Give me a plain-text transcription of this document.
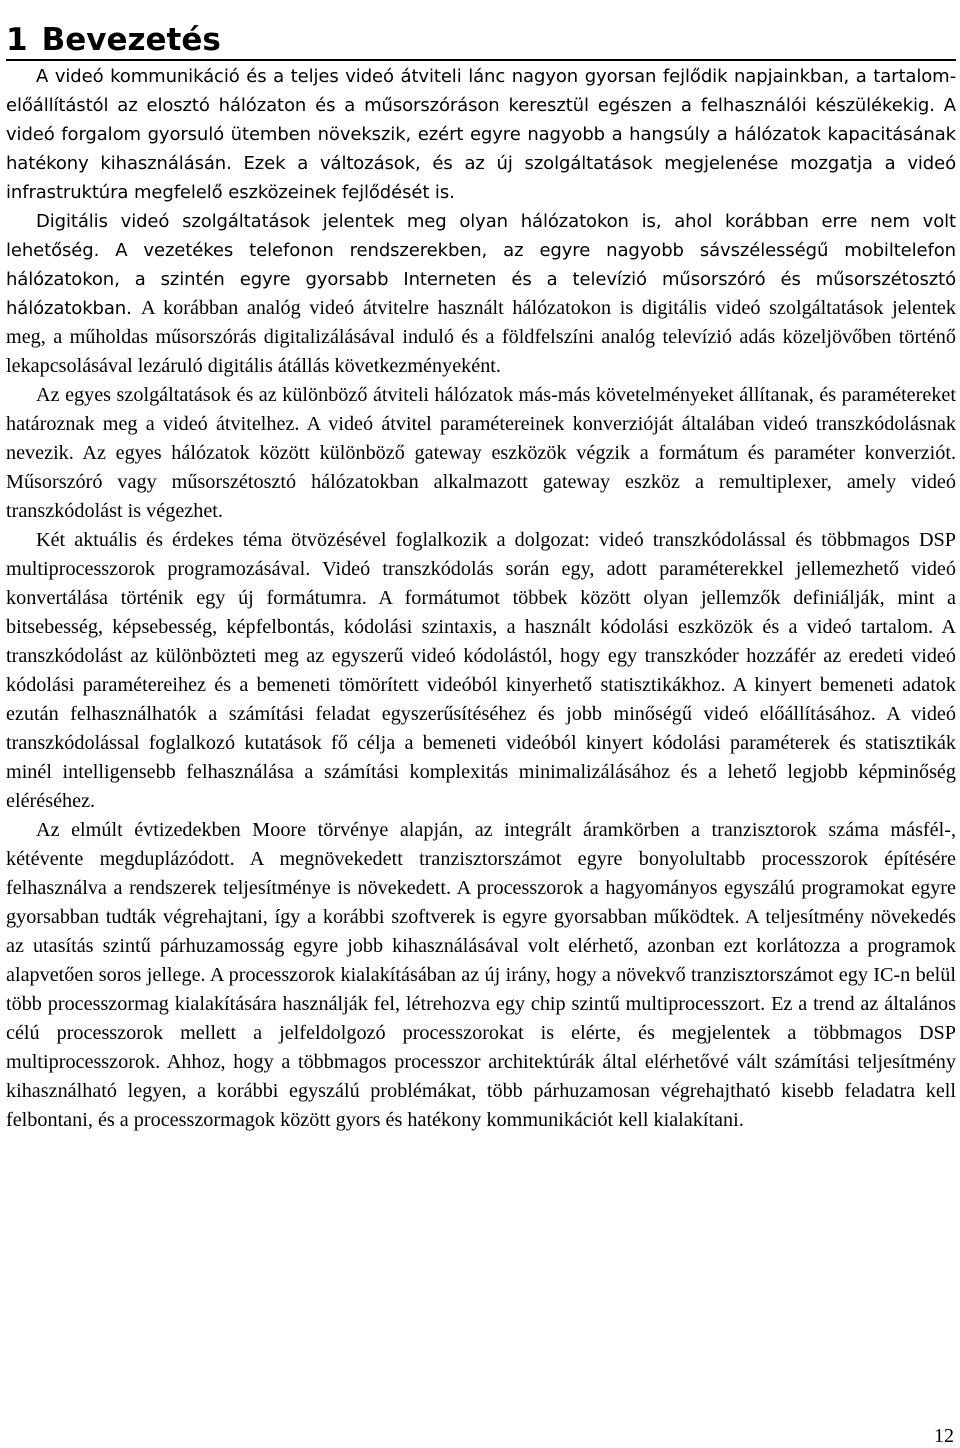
1 Bevezetés

A videó kommunikáció és a teljes videó átviteli lánc nagyon gyorsan fejlődik napjainkban, a tartalom-előállítástól az elosztó hálózaton és a műsorszóráson keresztül egészen a felhasználói készülékekig. A videó forgalom gyorsuló ütemben növekszik, ezért egyre nagyobb a hangsúly a hálózatok kapacitásának hatékony kihasználásán. Ezek a változások, és az új szolgáltatások megjelenése mozgatja a videó infrastruktúra megfelelő eszközeinek fejlődését is.

Digitális videó szolgáltatások jelentek meg olyan hálózatokon is, ahol korábban erre nem volt lehetőség. A vezetékes telefonon rendszerekben, az egyre nagyobb sávszélességű mobiltelefon hálózatokon, a szintén egyre gyorsabb Interneten és a televízió műsorszóró és műsorszétosztó hálózatokban. A korábban analóg videó átvitelre használt hálózatokon is digitális videó szolgáltatások jelentek meg, a műholdas műsorszórás digitalizálásával induló és a földfelszíni analóg televízió adás közeljövőben történő lekapcsolásával lezáruló digitális átállás következményeként.

Az egyes szolgáltatások és az különböző átviteli hálózatok más-más követelményeket állítanak, és paramétereket határoznak meg a videó átvitelhez. A videó átvitel paramétereinek konverzióját általában videó transzkódolásnak nevezik. Az egyes hálózatok között különböző gateway eszközök végzik a formátum és paraméter konverziót. Műsorszóró vagy műsorszétosztó hálózatokban alkalmazott gateway eszköz a remultiplexer, amely videó transzkódolást is végezhet.

Két aktuális és érdekes téma ötvözésével foglalkozik a dolgozat: videó transzkódolással és többmagos DSP multiprocesszorok programozásával. Videó transzkódolás során egy, adott paraméterekkel jellemezhető videó konvertálása történik egy új formátumra. A formátumot többek között olyan jellemzők definiálják, mint a bitsebesség, képsebesség, képfelbontás, kódolási szintaxis, a használt kódolási eszközök és a videó tartalom. A transzkódolást az különbözteti meg az egyszerű videó kódolástól, hogy egy transzkóder hozzáfér az eredeti videó kódolási paramétereihez és a bemeneti tömörített videóból kinyerhető statisztikákhoz. A kinyert bemeneti adatok ezután felhasználhatók a számítási feladat egyszerűsítéséhez és jobb minőségű videó előállításához. A videó transzkódolással foglalkozó kutatások fő célja a bemeneti videóból kinyert kódolási paraméterek és statisztikák minél intelligensebb felhasználása a számítási komplexitás minimalizálásához és a lehető legjobb képminőség eléréséhez.

Az elmúlt évtizedekben Moore törvénye alapján, az integrált áramkörben a tranzisztorok száma másfél-, kétévente megduplázódott. A megnövekedett tranzisztorszámot egyre bonyolultabb processzorok építésére felhasználva a rendszerek teljesítménye is növekedett. A processzorok a hagyományos egyszálú programokat egyre gyorsabban tudták végrehajtani, így a korábbi szoftverek is egyre gyorsabban működtek. A teljesítmény növekedés az utasítás szintű párhuzamosság egyre jobb kihasználásával volt elérhető, azonban ezt korlátozza a programok alapvetően soros jellege. A processzorok kialakításában az új irány, hogy a növekvő tranzisztorszámot egy IC-n belül több processzormag kialakítására használják fel, létrehozva egy chip szintű multiprocesszort. Ez a trend az általános célú processzorok mellett a jelfeldolgozó processzorokat is elérte, és megjelentek a többmagos DSP multiprocesszorok. Ahhoz, hogy a többmagos processzor architektúrák által elérhetővé vált számítási teljesítmény kihasználható legyen, a korábbi egyszálú problémákat, több párhuzamosan végrehajtható kisebb feladatra kell felbontani, és a processzormagok között gyors és hatékony kommunikációt kell kialakítani.

12
